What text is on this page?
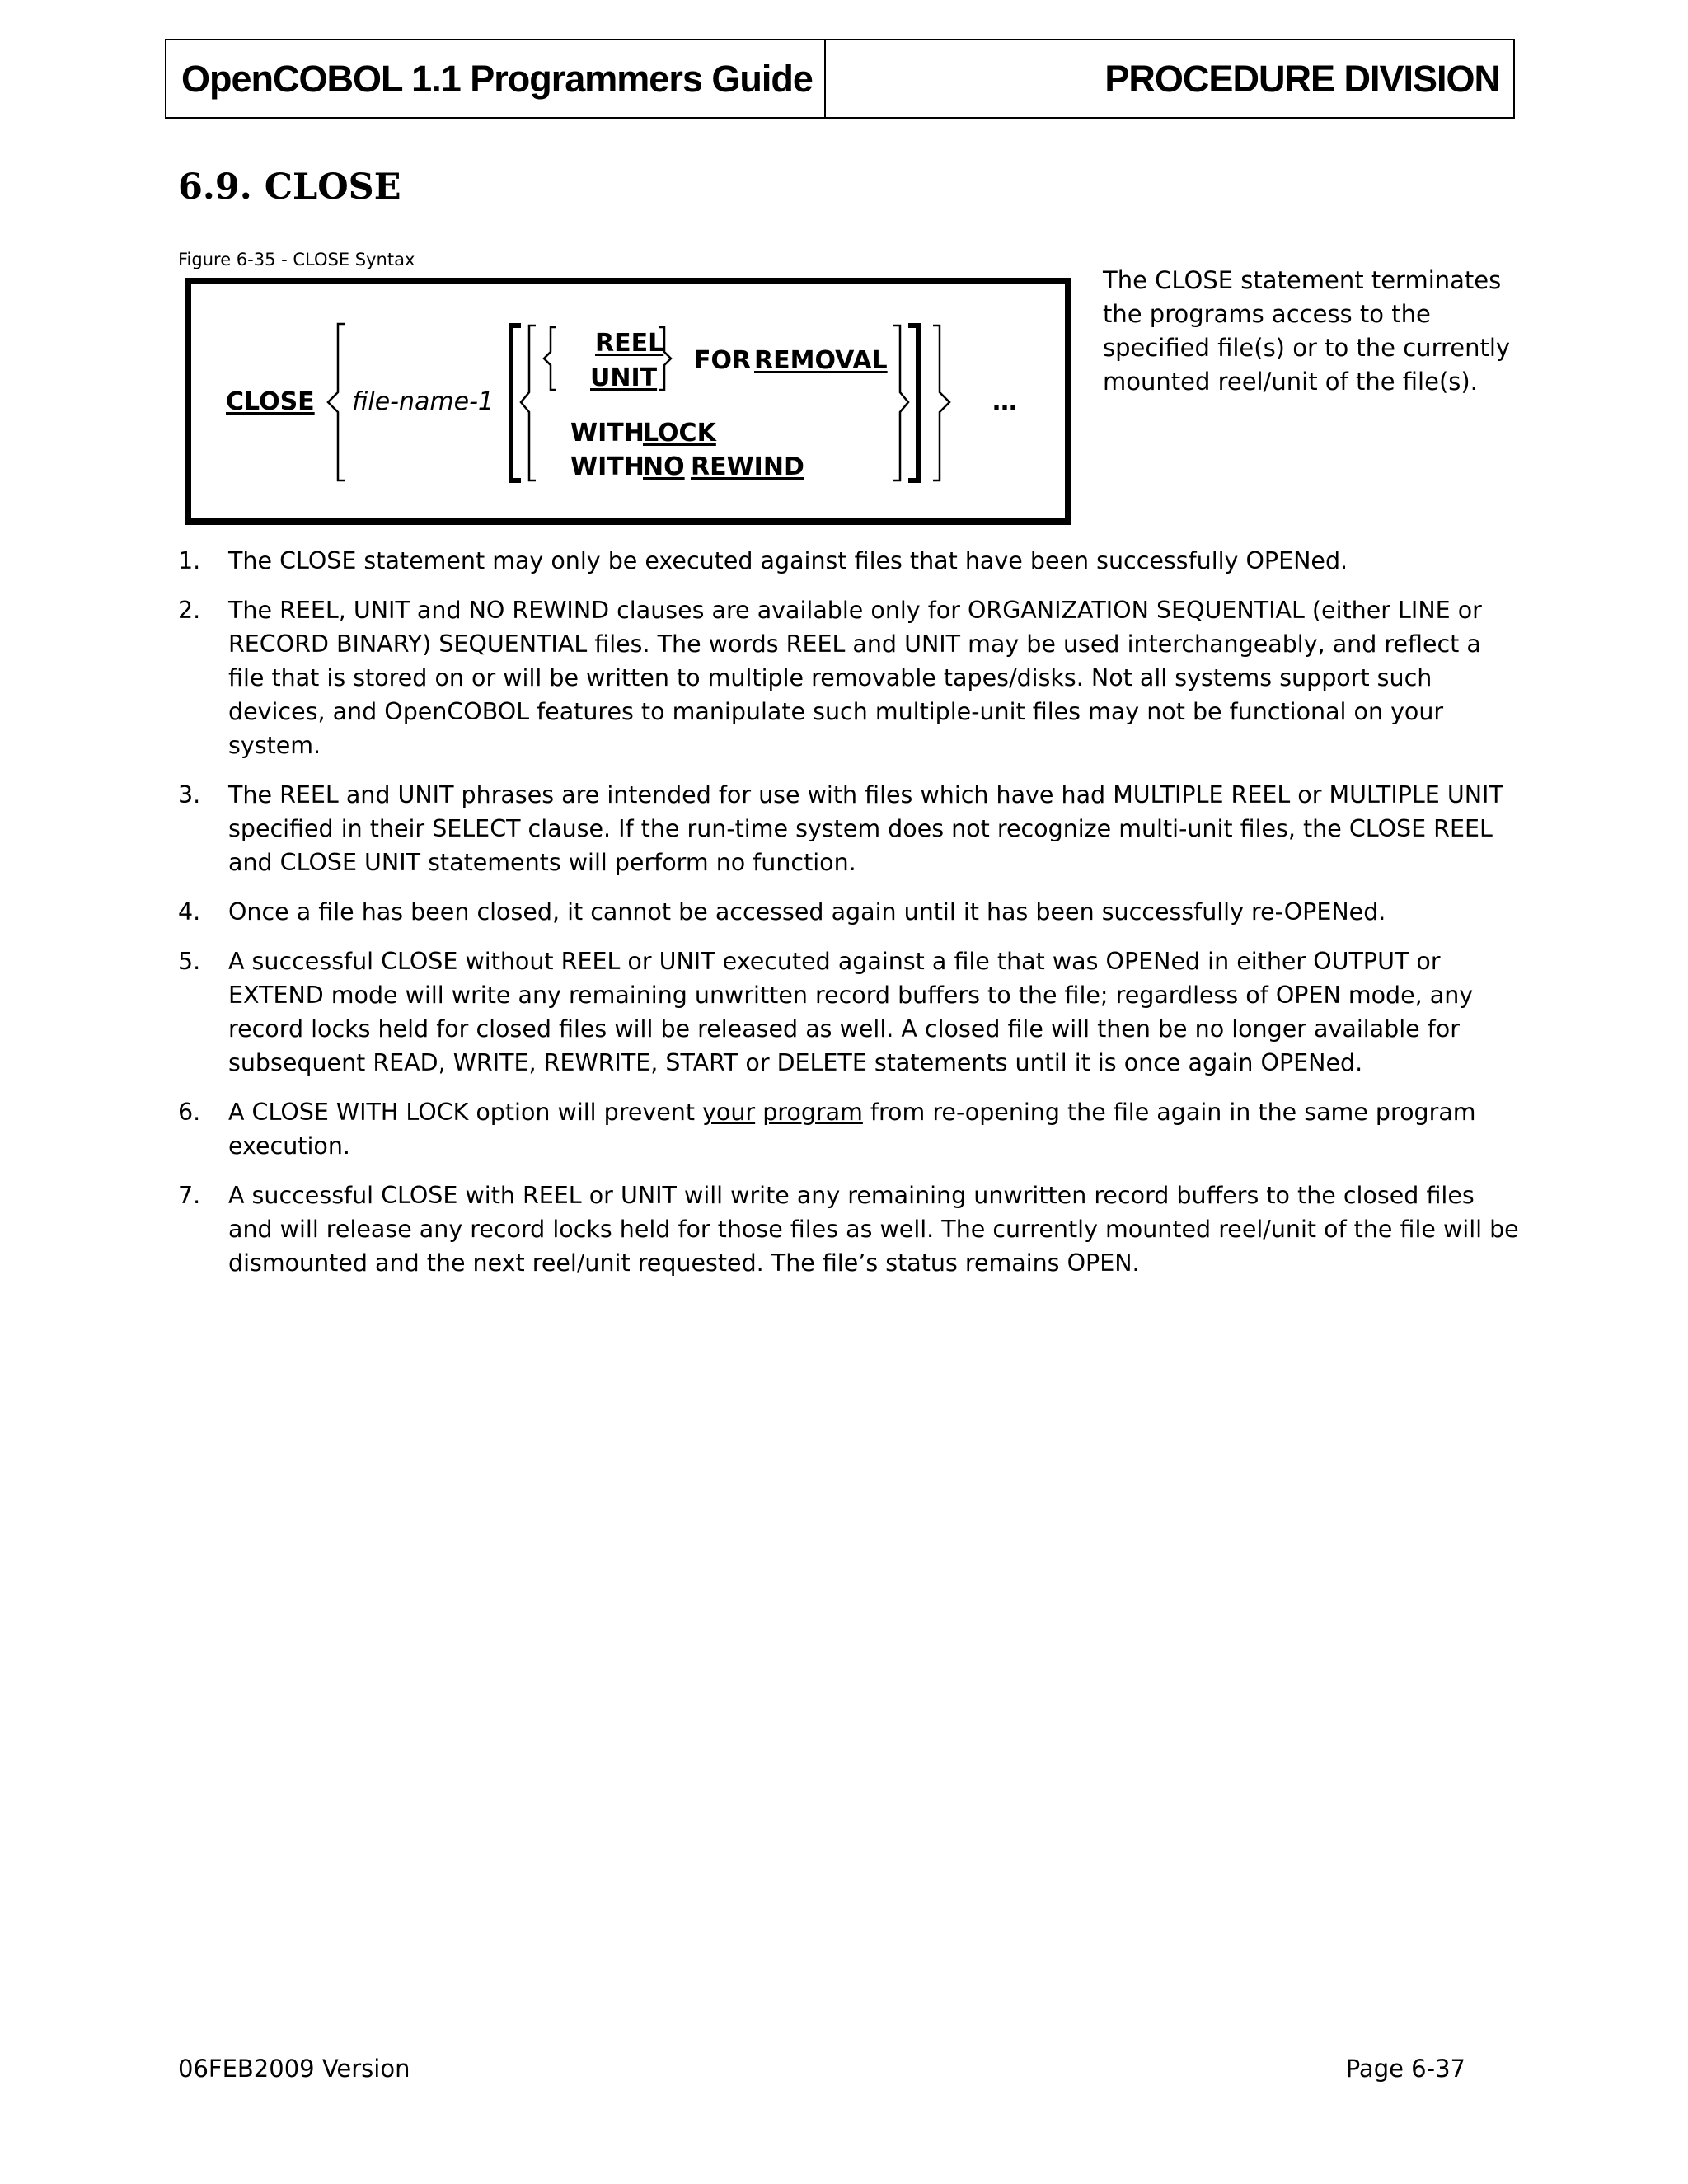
OpenCOBOL 1.1 Programmers Guide	PROCEDURE DIVISION
6.9. CLOSE
Figure 6-35 - CLOSE Syntax
CLOSE file-name-1
REEL
UNIT
FOR REMOVAL
WITH
LOCK
WITH
NO REWIND
…
The CLOSE statement terminates the programs access to the specified file(s) or to the currently mounted reel/unit of the file(s).
1. The CLOSE statement may only be executed against files that have been successfully OPENed.
2. The REEL, UNIT and NO REWIND clauses are available only for ORGANIZATION SEQUENTIAL (either LINE or RECORD BINARY) SEQUENTIAL files. The words REEL and UNIT may be used interchangeably, and reflect a file that is stored on or will be written to multiple removable tapes/disks. Not all systems support such devices, and OpenCOBOL features to manipulate such multiple-unit files may not be functional on your system.
3. The REEL and UNIT phrases are intended for use with files which have had MULTIPLE REEL or MULTIPLE UNIT specified in their SELECT clause. If the run-time system does not recognize multi-unit files, the CLOSE REEL and CLOSE UNIT statements will perform no function.
4. Once a file has been closed, it cannot be accessed again until it has been successfully re-OPENed.
5. A successful CLOSE without REEL or UNIT executed against a file that was OPENed in either OUTPUT or EXTEND mode will write any remaining unwritten record buffers to the file; regardless of OPEN mode, any record locks held for closed files will be released as well. A closed file will then be no longer available for subsequent READ, WRITE, REWRITE, START or DELETE statements until it is once again OPENed.
6. A CLOSE WITH LOCK option will prevent your program from re-opening the file again in the same program execution.
7. A successful CLOSE with REEL or UNIT will write any remaining unwritten record buffers to the closed files and will release any record locks held for those files as well. The currently mounted reel/unit of the file will be dismounted and the next reel/unit requested. The file’s status remains OPEN.
06FEB2009 Version	Page 6-37
